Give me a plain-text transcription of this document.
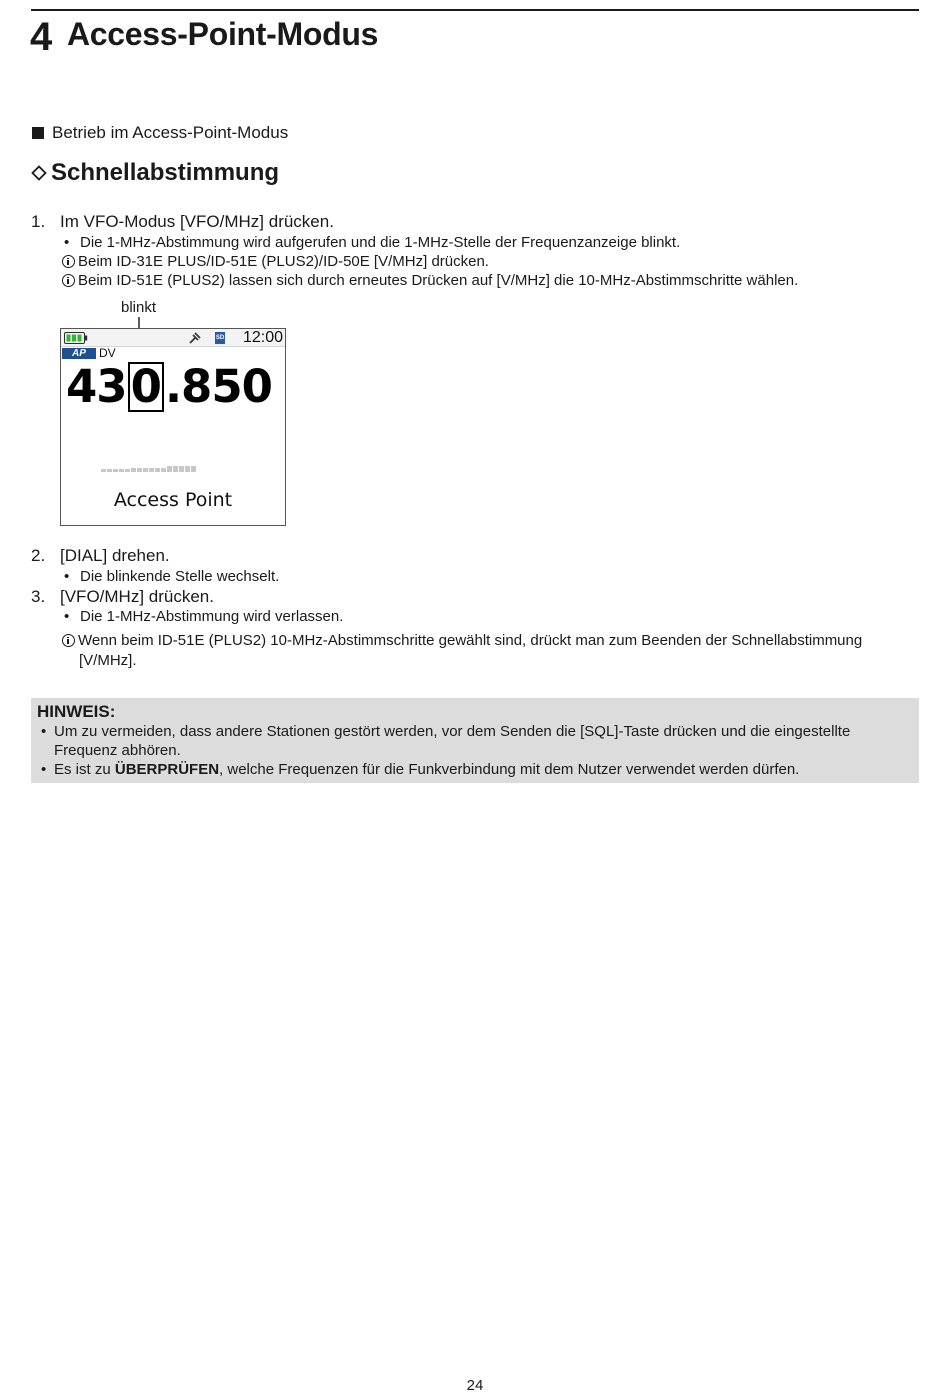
4 Access-Point-Modus
Betrieb im Access-Point-Modus
Schnellabstimmung
1. Im VFO-Modus [VFO/MHz] drücken.
• Die 1-MHz-Abstimmung wird aufgerufen und die 1-MHz-Stelle der Frequenzanzeige blinkt.
Beim ID-31E PLUS/ID-51E (PLUS2)/ID-50E [V/MHz] drücken.
Beim ID-51E (PLUS2) lassen sich durch erneutes Drücken auf [V/MHz] die 10-MHz-Abstimmschritte wählen.
blinkt
SD 12:00
AP	DV
430.850
Access Point
2. [DIAL] drehen.
• Die blinkende Stelle wechselt.
3. [VFO/MHz] drücken.
• Die 1-MHz-Abstimmung wird verlassen.
Wenn beim ID-51E (PLUS2) 10-MHz-Abstimmschritte gewählt sind, drückt man zum Beenden der Schnellabstimmung
[V/MHz].
HINWEIS:
• Um zu vermeiden, dass andere Stationen gestört werden, vor dem Senden die [SQL]-Taste drücken und die eingestellte
Frequenz abhören.
• Es ist zu ÜBERPRÜFEN, welche Frequenzen für die Funkverbindung mit dem Nutzer verwendet werden dürfen.
24
